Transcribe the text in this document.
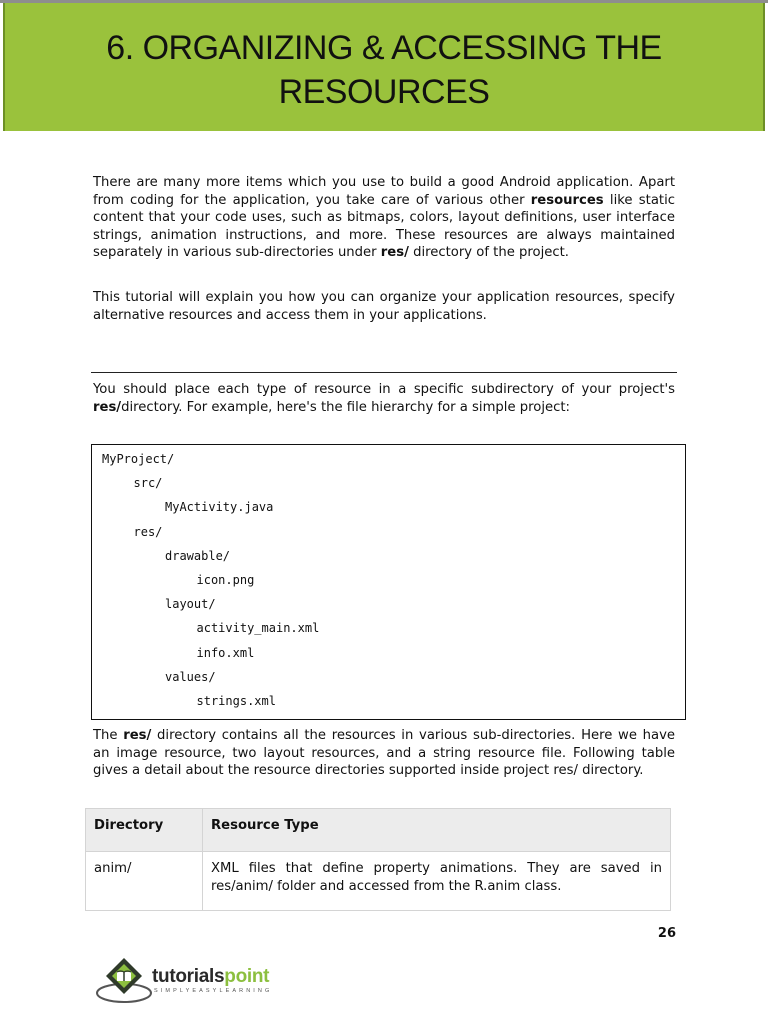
6. ORGANIZING & ACCESSING THE RESOURCES

There are many more items which you use to build a good Android application. Apart from coding for the application, you take care of various other resources like static content that your code uses, such as bitmaps, colors, layout definitions, user interface strings, animation instructions, and more. These resources are always maintained separately in various sub-directories under res/ directory of the project.

This tutorial will explain you how you can organize your application resources, specify alternative resources and access them in your applications.

You should place each type of resource in a specific subdirectory of your project's res/directory. For example, here's the file hierarchy for a simple project:

MyProject/
src/
MyActivity.java
res/
drawable/
icon.png
layout/
activity_main.xml
info.xml
values/
strings.xml

The res/ directory contains all the resources in various sub-directories. Here we have an image resource, two layout resources, and a string resource file. Following table gives a detail about the resource directories supported inside project res/ directory.

Directory	Resource Type
anim/	XML files that define property animations. They are saved in res/anim/ folder and accessed from the R.anim class.
26
tutorialspoint
SIMPLYEASYLEARNING
